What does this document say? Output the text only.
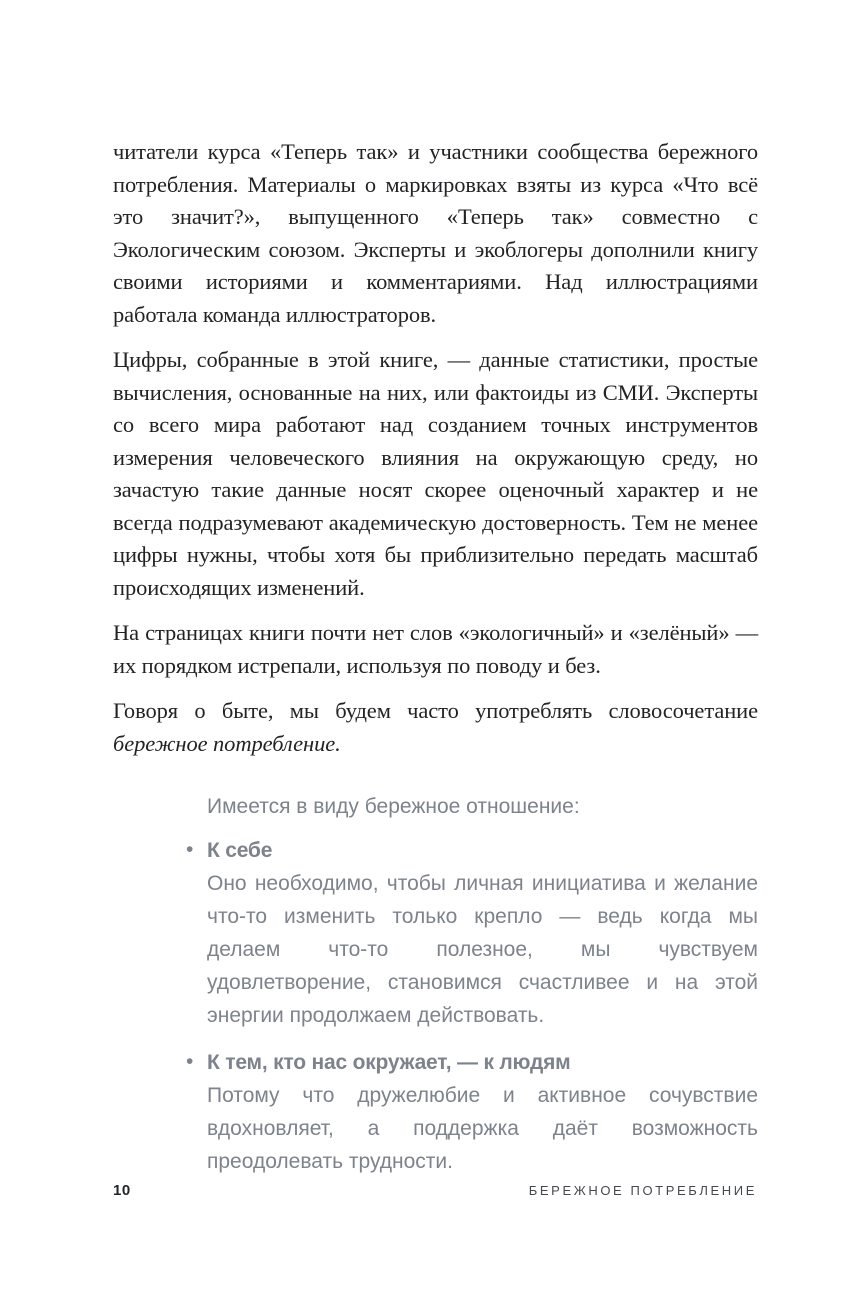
читатели курса «Теперь так» и участники сообщества бережного потребления. Материалы о маркировках взяты из курса «Что всё это значит?», выпущенного «Теперь так» совместно с Экологическим союзом. Эксперты и экоблогеры дополнили книгу своими историями и комментариями. Над иллюстрациями работала команда иллюстраторов.

Цифры, собранные в этой книге, — данные статистики, простые вычисления, основанные на них, или фактоиды из СМИ. Эксперты со всего мира работают над созданием точных инструментов измерения человеческого влияния на окружающую среду, но зачастую такие данные носят скорее оценочный характер и не всегда подразумевают академическую достоверность. Тем не менее цифры нужны, чтобы хотя бы приблизительно передать масштаб происходящих изменений.

На страницах книги почти нет слов «экологичный» и «зелёный» — их порядком истрепали, используя по поводу и без.

Говоря о быте, мы будем часто употреблять словосочетание бережное потребление.

Имеется в виду бережное отношение:

• К себе
Оно необходимо, чтобы личная инициатива и желание что-то изменить только крепло — ведь когда мы делаем что-то полезное, мы чувствуем удовлетворение, становимся счастливее и на этой энергии продолжаем действовать.
• К тем, кто нас окружает, — к людям
Потому что дружелюбие и активное сочувствие вдохновляет, а поддержка даёт возможность преодолевать трудности.
10	БЕРЕЖНОЕ ПОТРЕБЛЕНИЕ
